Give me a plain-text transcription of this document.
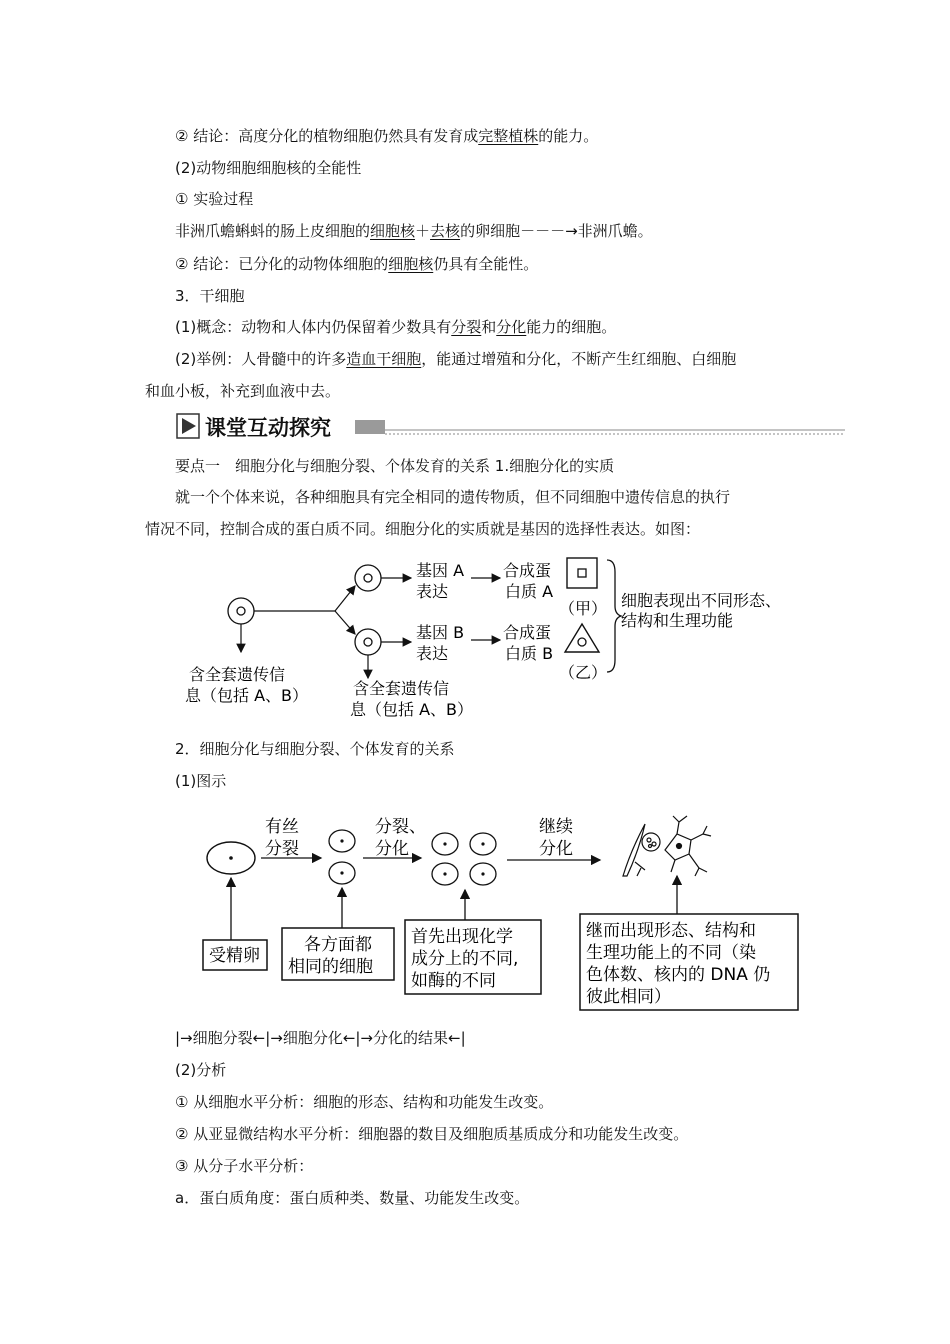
② 结论：高度分化的植物细胞仍然具有发育成完整植株的能力。
(2)动物细胞细胞核的全能性
① 实验过程
非洲爪蟾蝌蚪的肠上皮细胞的细胞核＋去核的卵细胞－－－→非洲爪蟾。
② 结论：已分化的动物体细胞的细胞核仍具有全能性。
3．干细胞
(1)概念：动物和人体内仍保留着少数具有分裂和分化能力的细胞。
(2)举例：人骨髓中的许多造血干细胞，能通过增殖和分化，不断产生红细胞、白细胞
和血小板，补充到血液中去。
课堂互动探究
要点一　细胞分化与细胞分裂、个体发育的关系 1.细胞分化的实质
就一个个体来说，各种细胞具有完全相同的遗传物质，但不同细胞中遗传信息的执行
情况不同，控制合成的蛋白质不同。细胞分化的实质就是基因的选择性表达。如图：
基因 A
表达
合成蛋
白质 A
基因 B
表达
合成蛋
白质 B
（甲）
（乙）
细胞表现出不同形态、
结构和生理功能
含全套遗传信
息（包括 A、B）	含全套遗传信
息（包括 A、B）
2．细胞分化与细胞分裂、个体发育的关系
(1)图示
有丝
分裂
分裂、
分化
继续
分化
受精卵
各方面都
相同的细胞
首先出现化学
成分上的不同,
如酶的不同
继而出现形态、结构和
生理功能上的不同（染
色体数、核内的 DNA 仍
彼此相同）
|→细胞分裂←|→细胞分化←|→分化的结果←|
(2)分析
① 从细胞水平分析：细胞的形态、结构和功能发生改变。
② 从亚显微结构水平分析：细胞器的数目及细胞质基质成分和功能发生改变。
③ 从分子水平分析：
a．蛋白质角度：蛋白质种类、数量、功能发生改变。
